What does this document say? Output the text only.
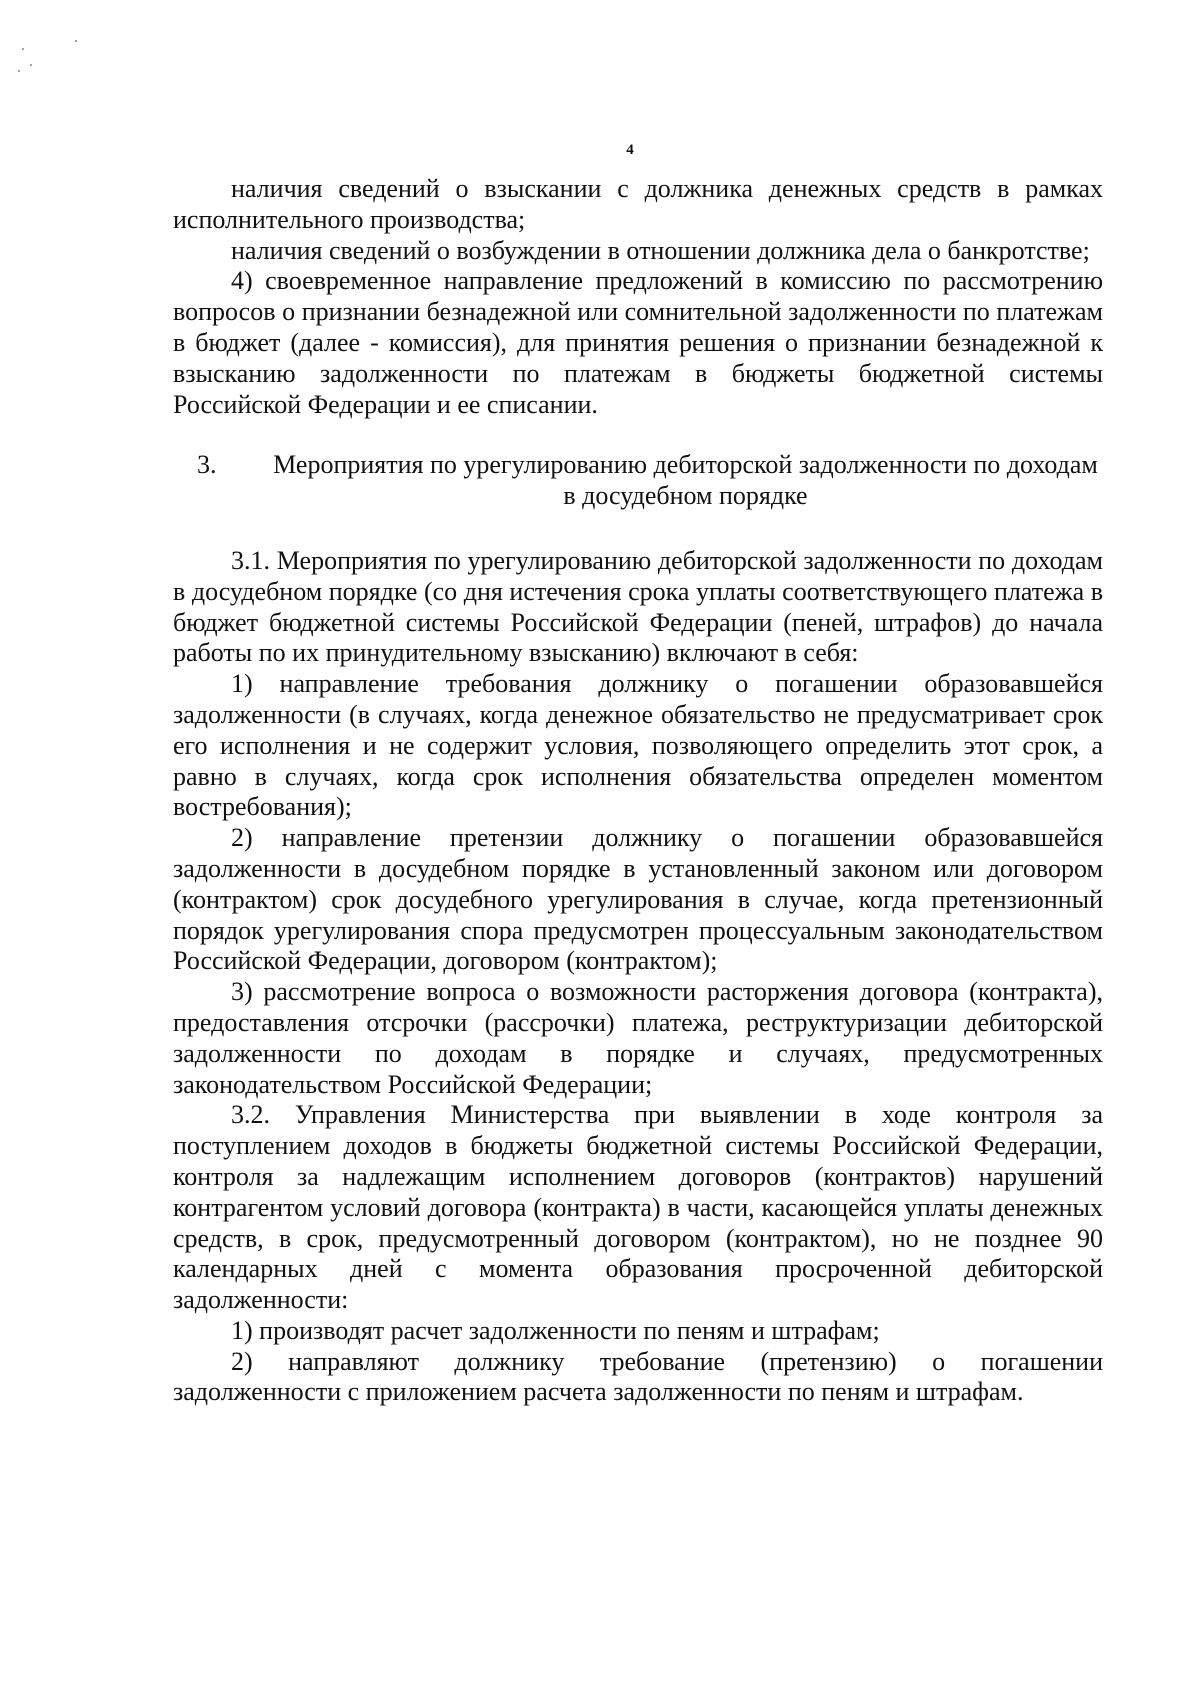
4

наличия сведений о взыскании с должника денежных средств в рамках исполнительного производства;

наличия сведений о возбуждении в отношении должника дела о банкротстве;

4) своевременное направление предложений в комиссию по рассмотрению вопросов о признании безнадежной или сомнительной задолженности по платежам в бюджет (далее - комиссия), для принятия решения о признании безнадежной к взысканию задолженности по платежам в бюджеты бюджетной системы Российской Федерации и ее списании.

3.	Мероприятия по урегулированию дебиторской задолженности по доходам в досудебном порядке

3.1. Мероприятия по урегулированию дебиторской задолженности по доходам в досудебном порядке (со дня истечения срока уплаты соответствующего платежа в бюджет бюджетной системы Российской Федерации (пеней, штрафов) до начала работы по их принудительному взысканию) включают в себя:

1) направление требования должнику о погашении образовавшейся задолженности (в случаях, когда денежное обязательство не предусматривает срок его исполнения и не содержит условия, позволяющего определить этот срок, а равно в случаях, когда срок исполнения обязательства определен моментом востребования);

2) направление претензии должнику о погашении образовавшейся задолженности в досудебном порядке в установленный законом или договором (контрактом) срок досудебного урегулирования в случае, когда претензионный порядок урегулирования спора предусмотрен процессуальным законодательством Российской Федерации, договором (контрактом);

3) рассмотрение вопроса о возможности расторжения договора (контракта), предоставления отсрочки (рассрочки) платежа, реструктуризации дебиторской задолженности по доходам в порядке и случаях, предусмотренных законодательством Российской Федерации;

3.2. Управления Министерства при выявлении в ходе контроля за поступлением доходов в бюджеты бюджетной системы Российской Федерации, контроля за надлежащим исполнением договоров (контрактов) нарушений контрагентом условий договора (контракта) в части, касающейся уплаты денежных средств, в срок, предусмотренный договором (контрактом), но не позднее 90 календарных дней с момента образования просроченной дебиторской задолженности:

1) производят расчет задолженности по пеням и штрафам;

2) направляют должнику требование (претензию) о погашении задолженности с приложением расчета задолженности по пеням и штрафам.
